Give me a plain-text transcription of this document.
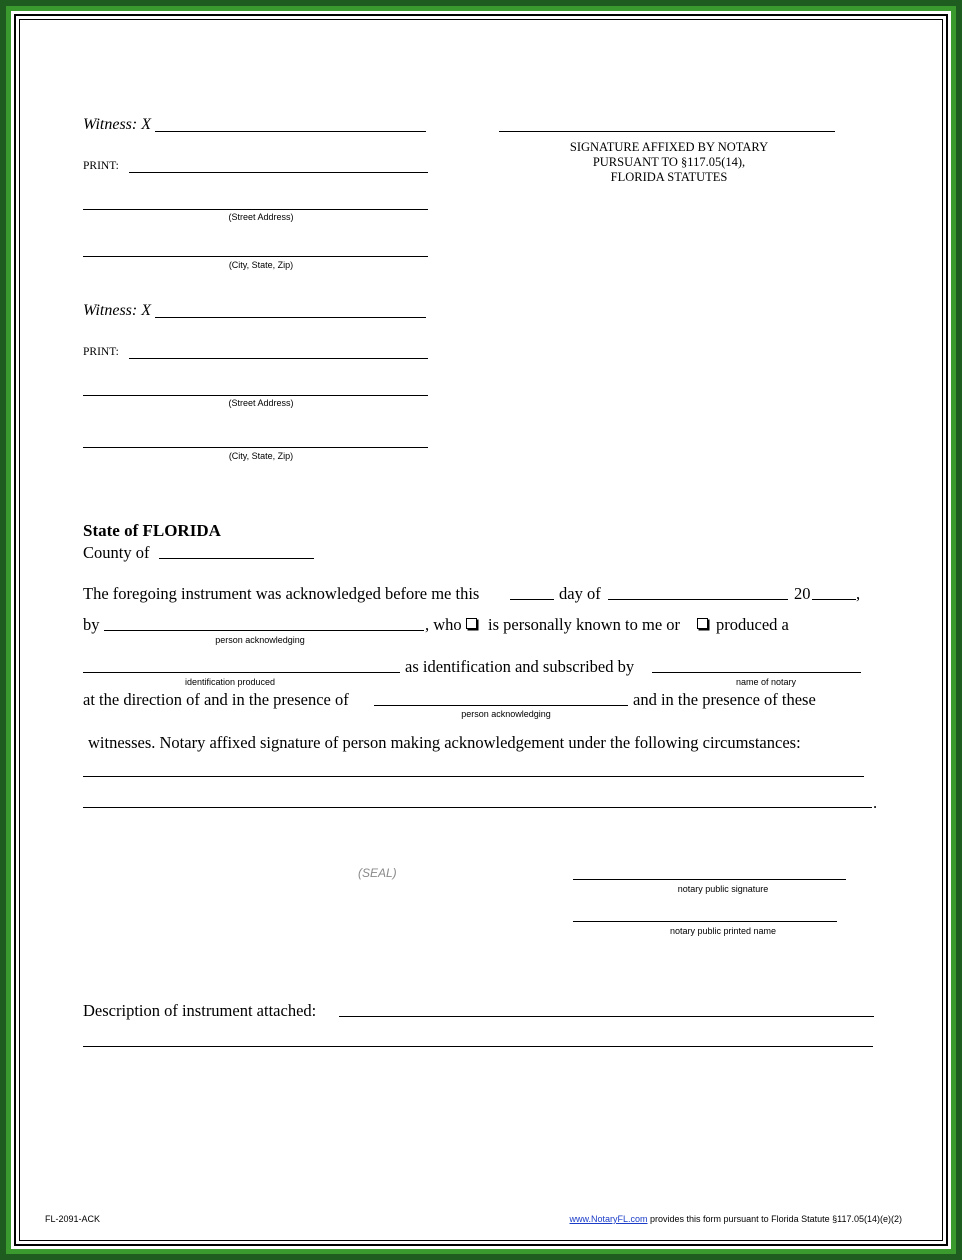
Witness: X
PRINT:
(Street Address)
(City, State, Zip)
SIGNATURE AFFIXED BY NOTARY
PURSUANT TO §117.05(14),
FLORIDA STATUTES
Witness: X
PRINT:
(Street Address)
(City, State, Zip)
State of FLORIDA
County of
The foregoing instrument was acknowledged before me this	day of	20	,
by	, who is personally known to me or produced a
person acknowledging
as identification and subscribed by
identification produced	name of notary
at the direction of and in the presence of	and in the presence of these
person acknowledging
witnesses. Notary affixed signature of person making acknowledgement under the following circumstances:
.
(SEAL)
notary public signature
notary public printed name
Description of instrument attached:
FL-2091-ACK	www.NotaryFL.com provides this form pursuant to Florida Statute §117.05(14)(e)(2)
